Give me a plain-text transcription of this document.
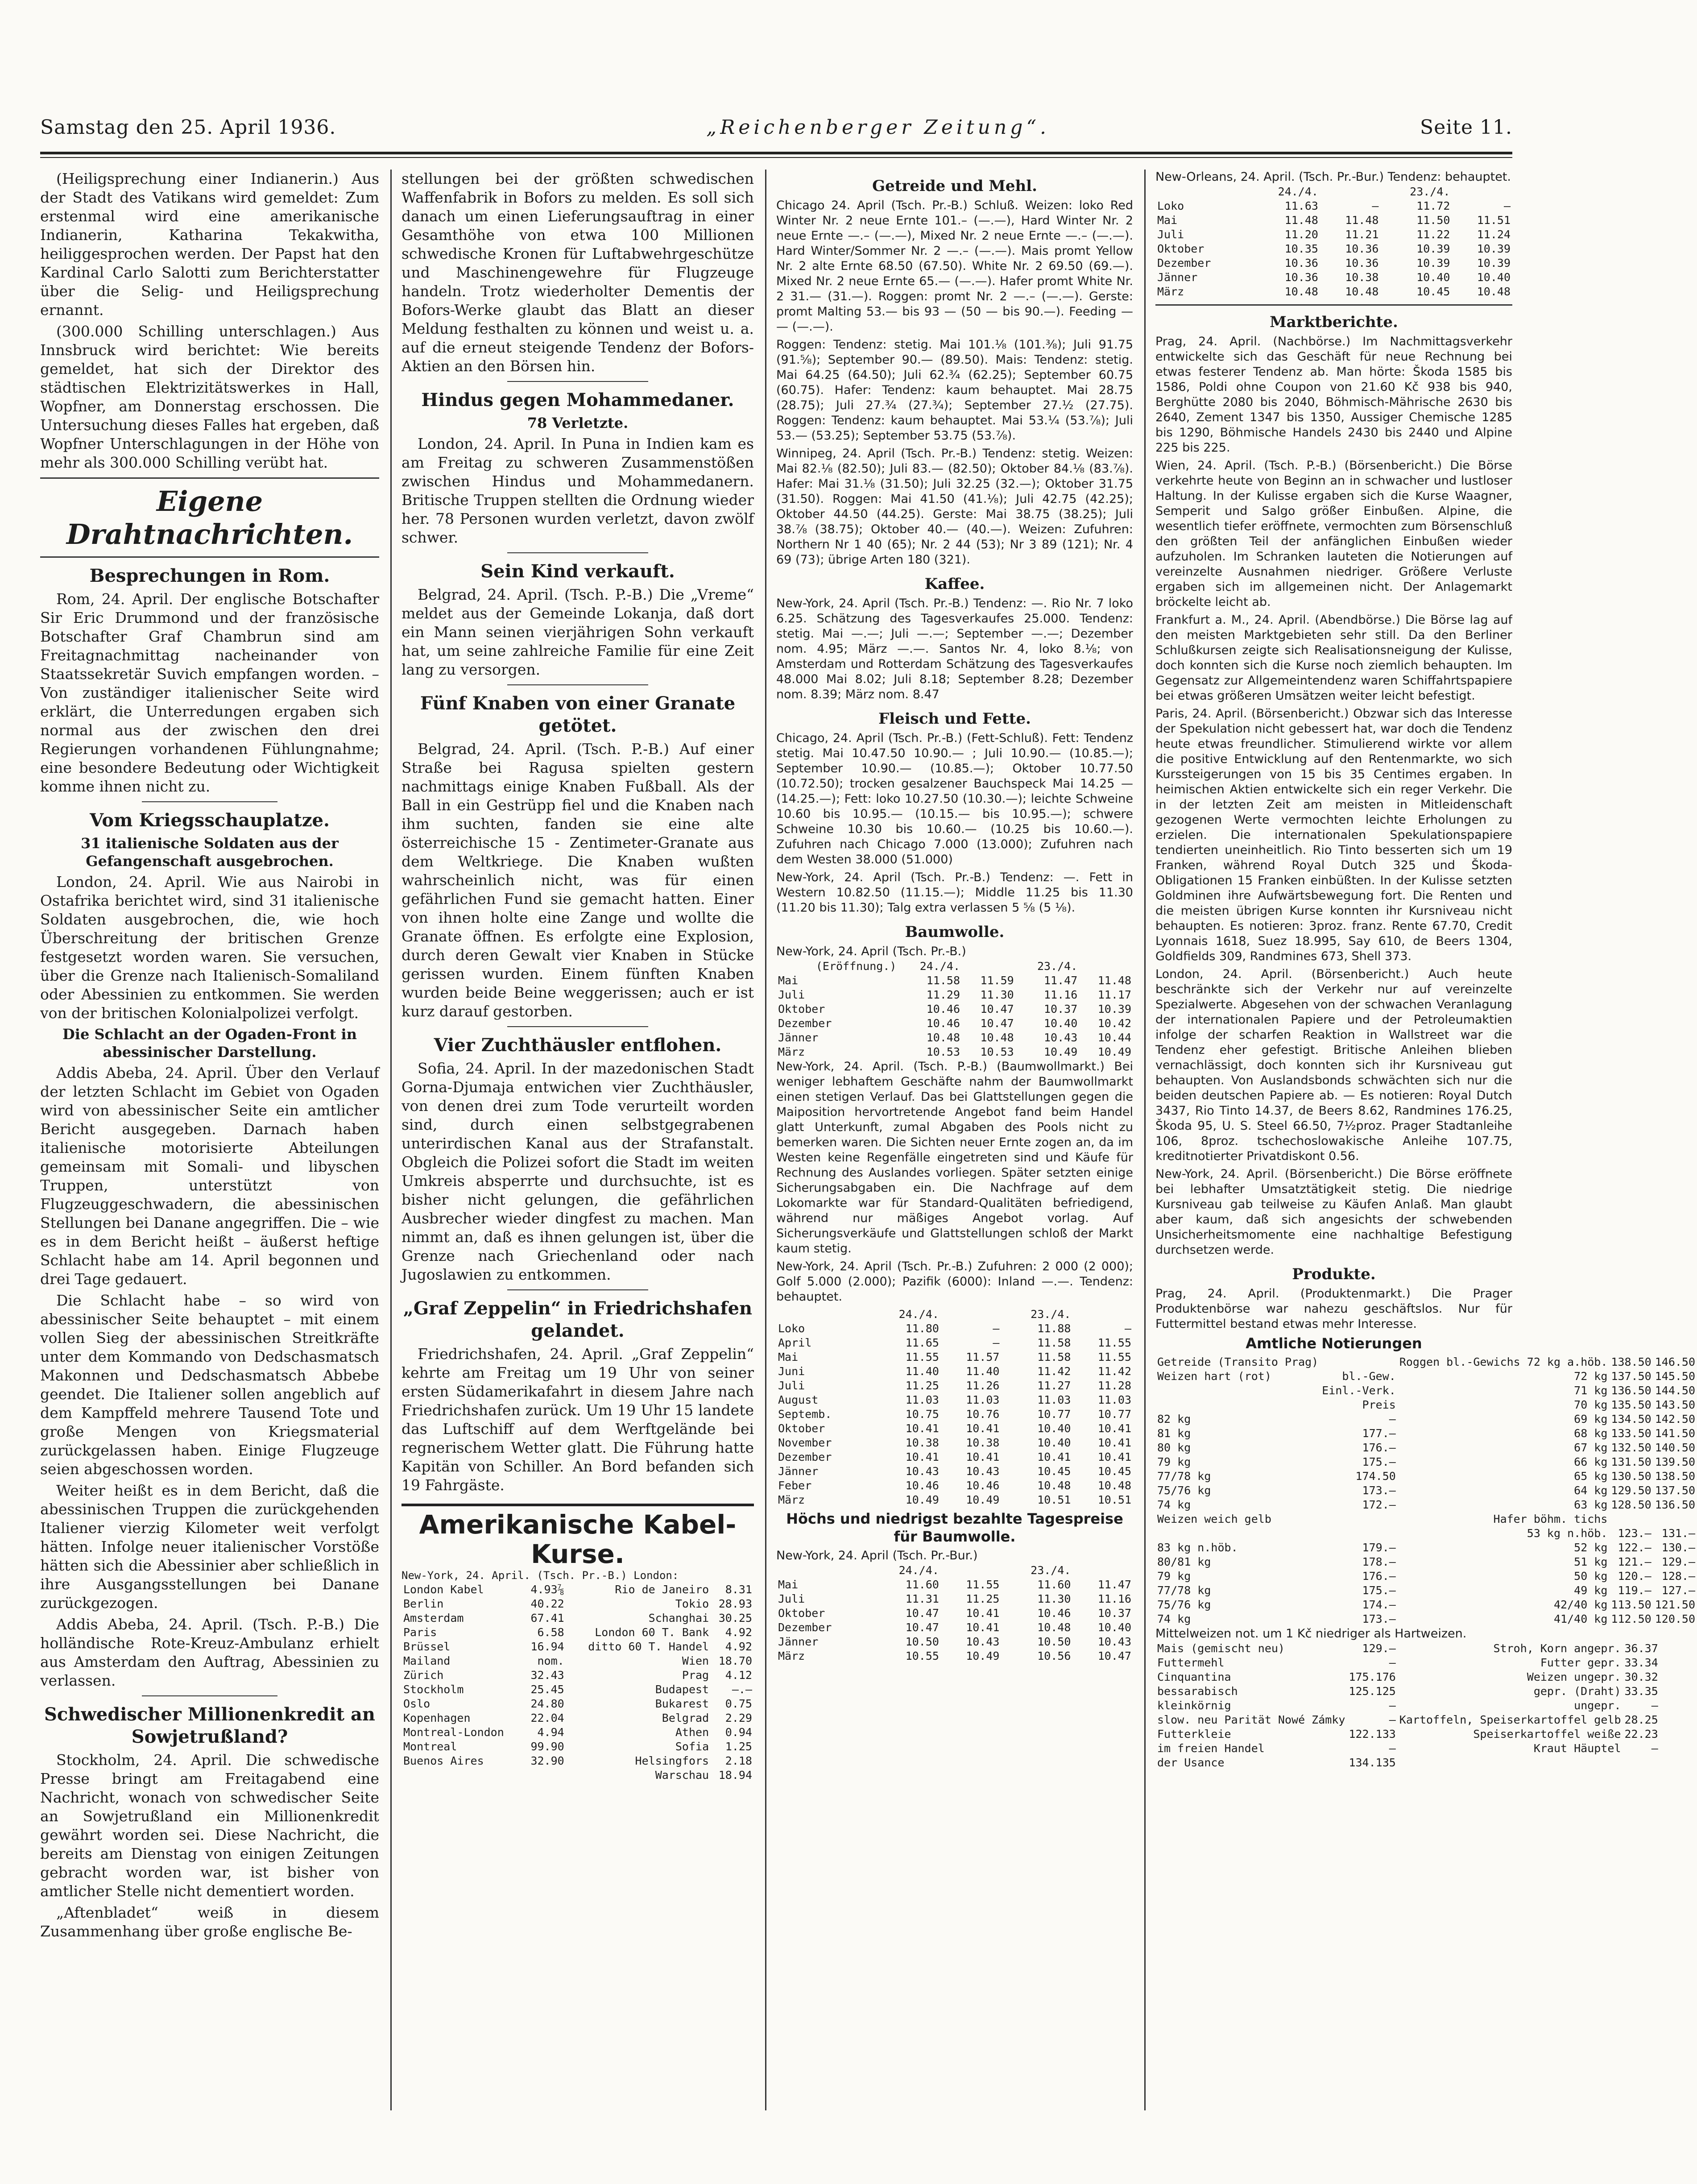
Samstag den 25. April 1936.	„Reichenberger Zeitung“.	Seite 11.

(Heiligsprechung einer Indianerin.) Aus der Stadt des Vatikans wird gemeldet: Zum erstenmal wird eine amerikanische Indianerin, Katharina Tekakwitha, heiliggesprochen werden. Der Papst hat den Kardinal Carlo Salotti zum Berichterstatter über die Selig- und Heiligsprechung ernannt.

(300.000 Schilling unterschlagen.) Aus Innsbruck wird berichtet: Wie bereits gemeldet, hat sich der Direktor des städtischen Elektrizitätswerkes in Hall, Wopfner, am Donnerstag erschossen. Die Untersuchung dieses Falles hat ergeben, daß Wopfner Unterschlagungen in der Höhe von mehr als 300.000 Schilling verübt hat.

Eigene Drahtnachrichten.
Besprechungen in Rom.

Rom, 24. April. Der englische Botschafter Sir Eric Drummond und der französische Botschafter Graf Chambrun sind am Freitagnachmittag nacheinander von Staatssekretär Suvich empfangen worden. – Von zuständiger italienischer Seite wird erklärt, die Unterredungen ergaben sich normal aus der zwischen den drei Regierungen vorhandenen Fühlungnahme; eine besondere Bedeutung oder Wichtigkeit komme ihnen nicht zu.

Vom Kriegsschauplatze.
31 italienische Soldaten aus der Gefangenschaft ausgebrochen.

London, 24. April. Wie aus Nairobi in Ostafrika berichtet wird, sind 31 italienische Soldaten ausgebrochen, die, wie hoch Überschreitung der britischen Grenze festgesetzt worden waren. Sie versuchen, über die Grenze nach Italienisch-Somaliland oder Abessinien zu entkommen. Sie werden von der britischen Kolonialpolizei verfolgt.

Die Schlacht an der Ogaden-Front in abessinischer Darstellung.

Addis Abeba, 24. April. Über den Verlauf der letzten Schlacht im Gebiet von Ogaden wird von abessinischer Seite ein amtlicher Bericht ausgegeben. Darnach haben italienische motorisierte Abteilungen gemeinsam mit Somali- und libyschen Truppen, unterstützt von Flugzeuggeschwadern, die abessinischen Stellungen bei Danane angegriffen. Die – wie es in dem Bericht heißt – äußerst heftige Schlacht habe am 14. April begonnen und drei Tage gedauert.

Die Schlacht habe – so wird von abessinischer Seite behauptet – mit einem vollen Sieg der abessinischen Streitkräfte unter dem Kommando von Dedschasmatsch Makonnen und Dedschasmatsch Abbebe geendet. Die Italiener sollen angeblich auf dem Kampffeld mehrere Tausend Tote und große Mengen von Kriegsmaterial zurückgelassen haben. Einige Flugzeuge seien abgeschossen worden.

Weiter heißt es in dem Bericht, daß die abessinischen Truppen die zurückgehenden Italiener vierzig Kilometer weit verfolgt hätten. Infolge neuer italienischer Vorstöße hätten sich die Abessinier aber schließlich in ihre Ausgangsstellungen bei Danane zurückgezogen.

Addis Abeba, 24. April. (Tsch. P.-B.) Die holländische Rote-Kreuz-Ambulanz erhielt aus Amsterdam den Auftrag, Abessinien zu verlassen.

Schwedischer Millionenkredit an Sowjetrußland?

Stockholm, 24. April. Die schwedische Presse bringt am Freitagabend eine Nachricht, wonach von schwedischer Seite an Sowjetrußland ein Millionenkredit gewährt worden sei. Diese Nachricht, die bereits am Dienstag von einigen Zeitungen gebracht worden war, ist bisher von amtlicher Stelle nicht dementiert worden.

„Aftenbladet“ weiß in diesem Zusammenhang über große englische Be-

stellungen bei der größten schwedischen Waffenfabrik in Bofors zu melden. Es soll sich danach um einen Lieferungsauftrag in einer Gesamthöhe von etwa 100 Millionen schwedische Kronen für Luftabwehrgeschütze und Maschinengewehre für Flugzeuge handeln. Trotz wiederholter Dementis der Bofors-Werke glaubt das Blatt an dieser Meldung festhalten zu können und weist u. a. auf die erneut steigende Tendenz der Bofors-Aktien an den Börsen hin.

Hindus gegen Mohammedaner.
78 Verletzte.

London, 24. April. In Puna in Indien kam es am Freitag zu schweren Zusammenstößen zwischen Hindus und Mohammedanern. Britische Truppen stellten die Ordnung wieder her. 78 Personen wurden verletzt, davon zwölf schwer.

Sein Kind verkauft.

Belgrad, 24. April. (Tsch. P.-B.) Die „Vreme“ meldet aus der Gemeinde Lokanja, daß dort ein Mann seinen vierjährigen Sohn verkauft hat, um seine zahlreiche Familie für eine Zeit lang zu versorgen.

Fünf Knaben von einer Granate getötet.

Belgrad, 24. April. (Tsch. P.-B.) Auf einer Straße bei Ragusa spielten gestern nachmittags einige Knaben Fußball. Als der Ball in ein Gestrüpp fiel und die Knaben nach ihm suchten, fanden sie eine alte österreichische 15 - Zentimeter-Granate aus dem Weltkriege. Die Knaben wußten wahrscheinlich nicht, was für einen gefährlichen Fund sie gemacht hatten. Einer von ihnen holte eine Zange und wollte die Granate öffnen. Es erfolgte eine Explosion, durch deren Gewalt vier Knaben in Stücke gerissen wurden. Einem fünften Knaben wurden beide Beine weggerissen; auch er ist kurz darauf gestorben.

Vier Zuchthäusler entflohen.

Sofia, 24. April. In der mazedonischen Stadt Gorna-Djumaja entwichen vier Zuchthäusler, von denen drei zum Tode verurteilt worden sind, durch einen selbstgegrabenen unterirdischen Kanal aus der Strafanstalt. Obgleich die Polizei sofort die Stadt im weiten Umkreis absperrte und durchsuchte, ist es bisher nicht gelungen, die gefährlichen Ausbrecher wieder dingfest zu machen. Man nimmt an, daß es ihnen gelungen ist, über die Grenze nach Griechenland oder nach Jugoslawien zu entkommen.

„Graf Zeppelin“ in Friedrichshafen gelandet.

Friedrichshafen, 24. April. „Graf Zeppelin“ kehrte am Freitag um 19 Uhr von seiner ersten Südamerikafahrt in diesem Jahre nach Friedrichshafen zurück. Um 19 Uhr 15 landete das Luftschiff auf dem Werftgelände bei regnerischem Wetter glatt. Die Führung hatte Kapitän von Schiller. An Bord befanden sich 19 Fahrgäste.

Amerikanische Kabel-Kurse.
New-York, 24. April. (Tsch. Pr.-B.) London:
London Kabel	4.93⅞	Rio de Janeiro	8.31
Berlin	40.22	Tokio	28.93
Amsterdam	67.41	Schanghai	30.25
Paris	6.58	London 60 T. Bank	4.92
Brüssel	16.94	ditto 60 T. Handel	4.92
Mailand	nom.	Wien	18.70
Zürich	32.43	Prag	4.12
Stockholm	25.45	Budapest	—.—
Oslo	24.80	Bukarest	0.75
Kopenhagen	22.04	Belgrad	2.29
Montreal-London	4.94	Athen	0.94
Montreal	99.90	Sofia	1.25
Buenos Aires	32.90	Helsingfors	2.18
		Warschau	18.94
Getreide und Mehl.

Chicago 24. April (Tsch. Pr.-B.) Schluß. Weizen: loko Red Winter Nr. 2 neue Ernte 101.– (—.—), Hard Winter Nr. 2 neue Ernte —.– (—.—), Mixed Nr. 2 neue Ernte —.– (—.—). Hard Winter/Sommer Nr. 2 —.– (—.—). Mais promt Yellow Nr. 2 alte Ernte 68.50 (67.50). White Nr. 2 69.50 (69.—). Mixed Nr. 2 neue Ernte 65.— (—.—). Hafer promt White Nr. 2 31.— (31.—). Roggen: promt Nr. 2 —.– (—.—). Gerste: promt Malting 53.— bis 93 — (50 — bis 90.—). Feeding — — (—.—).

Roggen: Tendenz: stetig. Mai 101.⅛ (101.⅜); Juli 91.75 (91.⅝); September 90.— (89.50). Mais: Tendenz: stetig. Mai 64.25 (64.50); Juli 62.¾ (62.25); September 60.75 (60.75). Hafer: Tendenz: kaum behauptet. Mai 28.75 (28.75); Juli 27.¾ (27.¾); September 27.½ (27.75). Roggen: Tendenz: kaum behauptet. Mai 53.¼ (53.⅞); Juli 53.— (53.25); September 53.75 (53.⅞).

Winnipeg, 24. April (Tsch. Pr.-B.) Tendenz: stetig. Weizen: Mai 82.⅛ (82.50); Juli 83.— (82.50); Oktober 84.⅛ (83.⅞). Hafer: Mai 31.⅛ (31.50); Juli 32.25 (32.—); Oktober 31.75 (31.50). Roggen: Mai 41.50 (41.⅛); Juli 42.75 (42.25); Oktober 44.50 (44.25). Gerste: Mai 38.75 (38.25); Juli 38.⅞ (38.75); Oktober 40.— (40.—). Weizen: Zufuhren: Northern Nr 1 40 (65); Nr. 2 44 (53); Nr 3 89 (121); Nr. 4 69 (73); übrige Arten 180 (321).

Kaffee.

New-York, 24. April (Tsch. Pr.-B.) Tendenz: —. Rio Nr. 7 loko 6.25. Schätzung des Tagesverkaufes 25.000. Tendenz: stetig. Mai —.—; Juli —.—; September —.—; Dezember nom. 4.95; März —.—. Santos Nr. 4, loko 8.⅛; von Amsterdam und Rotterdam Schätzung des Tagesverkaufes 48.000 Mai 8.02; Juli 8.18; September 8.28; Dezember nom. 8.39; März nom. 8.47

Fleisch und Fette.

Chicago, 24. April (Tsch. Pr.-B.) (Fett-Schluß). Fett: Tendenz stetig. Mai 10.47.50 10.90.— ; Juli 10.90.— (10.85.—); September 10.90.— (10.85.—); Oktober 10.77.50 (10.72.50); trocken gesalzener Bauchspeck Mai 14.25 — (14.25.—); Fett: loko 10.27.50 (10.30.—); leichte Schweine 10.60 bis 10.95.— (10.15.— bis 10.95.—); schwere Schweine 10.30 bis 10.60.— (10.25 bis 10.60.—). Zufuhren nach Chicago 7.000 (13.000); Zufuhren nach dem Westen 38.000 (51.000)

New-York, 24. April (Tsch. Pr.-B.) Tendenz: —. Fett in Western 10.82.50 (11.15.—); Middle 11.25 bis 11.30 (11.20 bis 11.30); Talg extra verlassen 5 ⅝ (5 ⅛).

Baumwolle.
New-York, 24. April (Tsch. Pr.-B.)
(Eröffnung.)	24./4.		23./4.	
Mai	11.58	11.59	11.47	11.48
Juli	11.29	11.30	11.16	11.17
Oktober	10.46	10.47	10.37	10.39
Dezember	10.46	10.47	10.40	10.42
Jänner	10.48	10.48	10.43	10.44
März	10.53	10.53	10.49	10.49

New-York, 24. April. (Tsch. P.-B.) (Baumwollmarkt.) Bei weniger lebhaftem Geschäfte nahm der Baumwollmarkt einen stetigen Verlauf. Das bei Glattstellungen gegen die Maiposition hervortretende Angebot fand beim Handel glatt Unterkunft, zumal Abgaben des Pools nicht zu bemerken waren. Die Sichten neuer Ernte zogen an, da im Westen keine Regenfälle eingetreten sind und Käufe für Rechnung des Auslandes vorliegen. Später setzten einige Sicherungsabgaben ein. Die Nachfrage auf dem Lokomarkte war für Standard-Qualitäten befriedigend, während nur mäßiges Angebot vorlag. Auf Sicherungsverkäufe und Glattstellungen schloß der Markt kaum stetig.

New-York, 24. April (Tsch. Pr.-B.) Zufuhren: 2 000 (2 000); Golf 5.000 (2.000); Pazifik (6000): Inland —.—. Tendenz: behauptet.

	24./4.		23./4.	
Loko	11.80	—	11.88	—
April	11.65	—	11.58	11.55
Mai	11.55	11.57	11.58	11.55
Juni	11.40	11.40	11.42	11.42
Juli	11.25	11.26	11.27	11.28
August	11.03	11.03	11.03	11.03
Septemb.	10.75	10.76	10.77	10.77
Oktober	10.41	10.41	10.40	10.41
November	10.38	10.38	10.40	10.41
Dezember	10.41	10.41	10.41	10.41
Jänner	10.43	10.43	10.45	10.45
Feber	10.46	10.46	10.48	10.48
März	10.49	10.49	10.51	10.51
Höchs und niedrigst bezahlte Tagespreise für Baumwolle.
New-York, 24. April (Tsch. Pr.-Bur.)
	24./4.		23./4.	
Mai	11.60	11.55	11.60	11.47
Juli	11.31	11.25	11.30	11.16
Oktober	10.47	10.41	10.46	10.37
Dezember	10.47	10.41	10.48	10.40
Jänner	10.50	10.43	10.50	10.43
März	10.55	10.49	10.56	10.47
New-Orleans, 24. April. (Tsch. Pr.-Bur.) Tendenz: behauptet.
	24./4.		23./4.	
Loko	11.63	—	11.72	—
Mai	11.48	11.48	11.50	11.51
Juli	11.20	11.21	11.22	11.24
Oktober	10.35	10.36	10.39	10.39
Dezember	10.36	10.36	10.39	10.39
Jänner	10.36	10.38	10.40	10.40
März	10.48	10.48	10.45	10.48
Marktberichte.

Prag, 24. April. (Nachbörse.) Im Nachmittagsverkehr entwickelte sich das Geschäft für neue Rechnung bei etwas festerer Tendenz ab. Man hörte: Škoda 1585 bis 1586, Poldi ohne Coupon von 21.60 Kč 938 bis 940, Berghütte 2080 bis 2040, Böhmisch-Mährische 2630 bis 2640, Zement 1347 bis 1350, Aussiger Chemische 1285 bis 1290, Böhmische Handels 2430 bis 2440 und Alpine 225 bis 225.

Wien, 24. April. (Tsch. P.-B.) (Börsenbericht.) Die Börse verkehrte heute von Beginn an in schwacher und lustloser Haltung. In der Kulisse ergaben sich die Kurse Waagner, Semperit und Salgo größer Einbußen. Alpine, die wesentlich tiefer eröffnete, vermochten zum Börsenschluß den größten Teil der anfänglichen Einbußen wieder aufzuholen. Im Schranken lauteten die Notierungen auf vereinzelte Ausnahmen niedriger. Größere Verluste ergaben sich im allgemeinen nicht. Der Anlagemarkt bröckelte leicht ab.

Frankfurt a. M., 24. April. (Abendbörse.) Die Börse lag auf den meisten Marktgebieten sehr still. Da den Berliner Schlußkursen zeigte sich Realisationsneigung der Kulisse, doch konnten sich die Kurse noch ziemlich behaupten. Im Gegensatz zur Allgemeintendenz waren Schiffahrtspapiere bei etwas größeren Umsätzen weiter leicht befestigt.

Paris, 24. April. (Börsenbericht.) Obzwar sich das Interesse der Spekulation nicht gebessert hat, war doch die Tendenz heute etwas freundlicher. Stimulierend wirkte vor allem die positive Entwicklung auf den Rentenmarkte, wo sich Kurssteigerungen von 15 bis 35 Centimes ergaben. In heimischen Aktien entwickelte sich ein reger Verkehr. Die in der letzten Zeit am meisten in Mitleidenschaft gezogenen Werte vermochten leichte Erholungen zu erzielen. Die internationalen Spekulationspapiere tendierten uneinheitlich. Rio Tinto besserten sich um 19 Franken, während Royal Dutch 325 und Škoda-Obligationen 15 Franken einbüßten. In der Kulisse setzten Goldminen ihre Aufwärtsbewegung fort. Die Renten und die meisten übrigen Kurse konnten ihr Kursniveau nicht behaupten. Es notieren: 3proz. franz. Rente 67.70, Credit Lyonnais 1618, Suez 18.995, Say 610, de Beers 1304, Goldfields 309, Randmines 673, Shell 373.

London, 24. April. (Börsenbericht.) Auch heute beschränkte sich der Verkehr nur auf vereinzelte Spezialwerte. Abgesehen von der schwachen Veranlagung der internationalen Papiere und der Petroleumaktien infolge der scharfen Reaktion in Wallstreet war die Tendenz eher gefestigt. Britische Anleihen blieben vernachlässigt, doch konnten sich ihr Kursniveau gut behaupten. Von Auslandsbonds schwächten sich nur die beiden deutschen Papiere ab. — Es notieren: Royal Dutch 3437, Rio Tinto 14.37, de Beers 8.62, Randmines 176.25, Škoda 95, U. S. Steel 66.50, 7½proz. Prager Stadtanleihe 106, 8proz. tschechoslowakische Anleihe 107.75, kreditnotierter Privatdiskont 0.56.

New-York, 24. April. (Börsenbericht.) Die Börse eröffnete bei lebhafter Umsatztätigkeit stetig. Die niedrige Kursniveau gab teilweise zu Käufen Anlaß. Man glaubt aber kaum, daß sich angesichts der schwebenden Unsicherheitsmomente eine nachhaltige Befestigung durchsetzen werde.

Produkte.

Prag, 24. April. (Produktenmarkt.) Die Prager Produktenbörse war nahezu geschäftslos. Nur für Futtermittel bestand etwas mehr Interesse.

Amtliche Notierungen
Getreide (Transito Prag)		Roggen bl.-Gewichs 72 kg a.höb.	138.50	146.50
Weizen hart (rot)	bl.-Gew.	72 kg	137.50	145.50
	Einl.-Verk.	71 kg	136.50	144.50
	Preis	70 kg	135.50	143.50
82 kg	—	69 kg	134.50	142.50
81 kg	177.—	68 kg	133.50	141.50
80 kg	176.—	67 kg	132.50	140.50
79 kg	175.—	66 kg	131.50	139.50
77/78 kg	174.50	65 kg	130.50	138.50
75/76 kg	173.—	64 kg	129.50	137.50
74 kg	172.—	63 kg	128.50	136.50
Weizen weich gelb		Hafer böhm. tichs		
		53 kg n.höb.	123.—	131.—
83 kg n.höb.	179.—	52 kg	122.—	130.—
80/81 kg	178.—	51 kg	121.—	129.—
79 kg	176.—	50 kg	120.—	128.—
77/78 kg	175.—	49 kg	119.—	127.—
75/76 kg	174.—	42/40 kg	113.50	121.50
74 kg	173.—	41/40 kg	112.50	120.50
Mittelweizen not. um 1 Kč niedriger als Hartweizen.
Mais (gemischt neu)	129.—	Stroh, Korn angepr.	36.37
Futtermehl	—	Futter gepr.	33.34
Cinquantina	175.176	Weizen ungepr.	30.32
bessarabisch	125.125	gepr. (Draht)	33.35
kleinkörnig	—	ungepr.	—
slow. neu Parität Nowé Zámky	—	Kartoffeln, Speiserkartoffel gelb	28.25
Futterkleie	122.133	Speiserkartoffel weiße	22.23
im freien Handel	—	Kraut Häuptel	—
der Usance	134.135		
